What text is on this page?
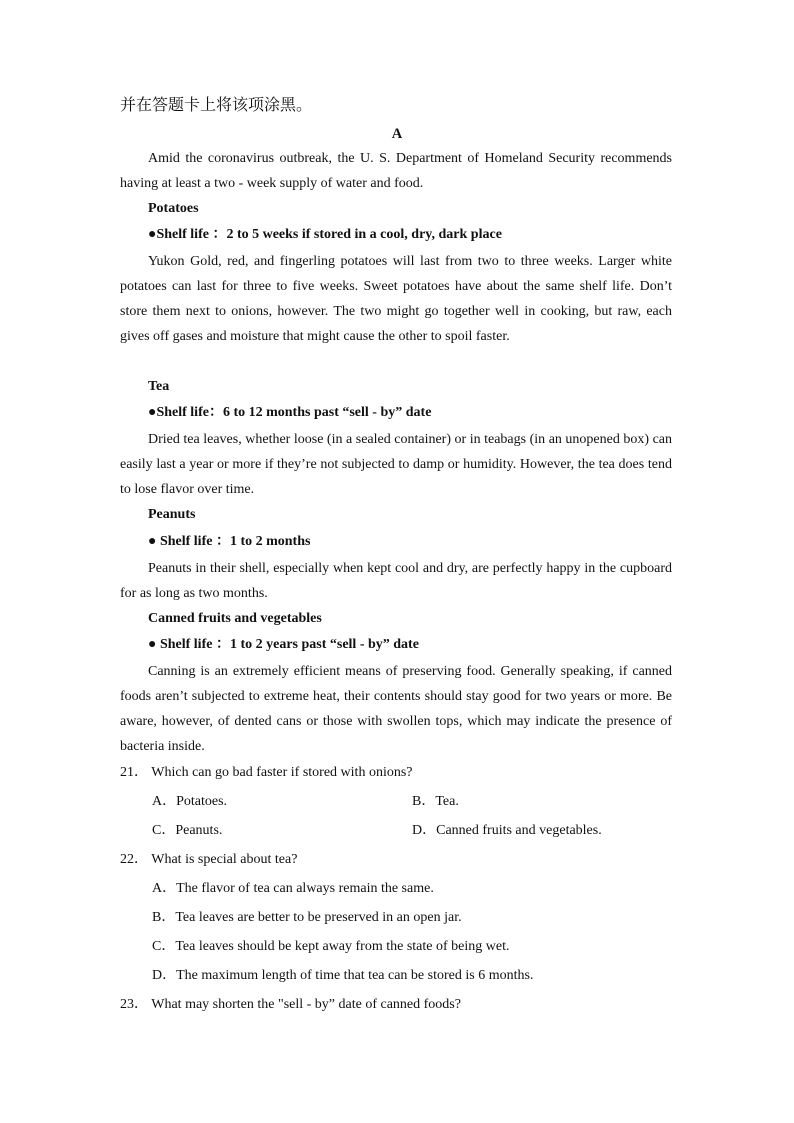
并在答题卡上将该项涂黑。
A
Amid the coronavirus outbreak, the U. S. Department of Homeland Security recommends having at least a two - week supply of water and food.
Potatoes
●Shelf life ：2 to 5 weeks if stored in a cool, dry, dark place
Yukon Gold, red, and fingerling potatoes will last from two to three weeks. Larger white potatoes can last for three to five weeks. Sweet potatoes have about the same shelf life. Don’t store them next to onions, however. The two might go together well in cooking, but raw, each gives off gases and moisture that might cause the other to spoil faster.
Tea
●Shelf life：6 to 12 months past “sell - by” date
Dried tea leaves, whether loose (in a sealed container) or in teabags (in an unopened box) can easily last a year or more if they’re not subjected to damp or humidity. However, the tea does tend to lose flavor over time.
Peanuts
● Shelf life ：1 to 2 months
Peanuts in their shell, especially when kept cool and dry, are perfectly happy in the cupboard for as long as two months.
Canned fruits and vegetables
● Shelf life ：1 to 2 years past “sell - by” date
Canning is an extremely efficient means of preserving food. Generally speaking, if canned foods aren’t subjected to extreme heat, their contents should stay good for two years or more. Be aware, however, of dented cans or those with swollen tops, which may indicate the presence of bacteria inside.
21． Which can go bad faster if stored with onions?
A．Potatoes.	B．Tea.
C．Peanuts.	D．Canned fruits and vegetables.
22． What is special about tea?
A．The flavor of tea can always remain the same.
B．Tea leaves are better to be preserved in an open jar.
C．Tea leaves should be kept away from the state of being wet.
D．The maximum length of time that tea can be stored is 6 months.
23． What may shorten the "sell - by” date of canned foods?
